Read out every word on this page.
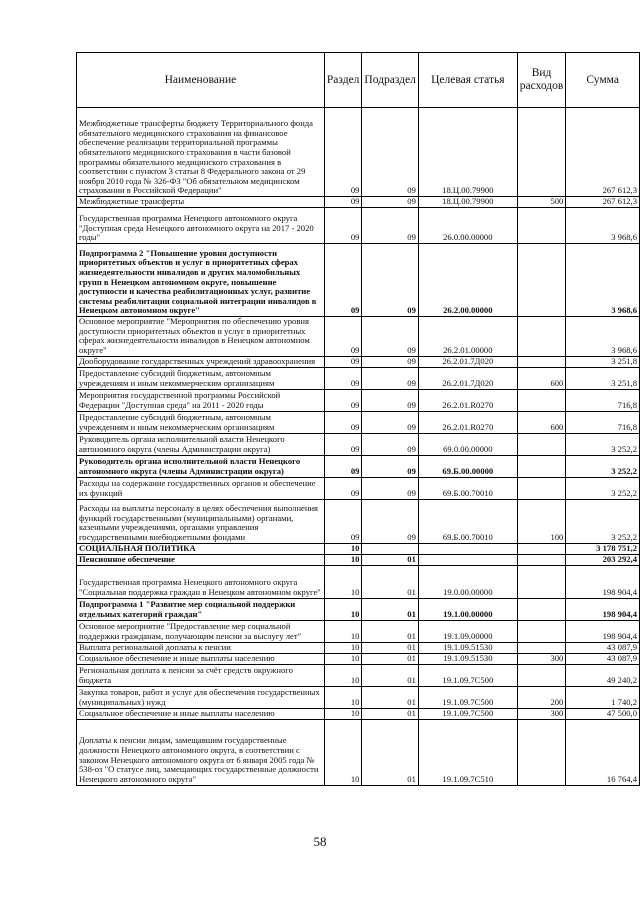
Наименование	Раздел	Подраздел	Целевая статья	Вид расходов	Сумма
Межбюджетные трансферты бюджету Территориального фонда обязательного медицинского страхования на финансовое обеспечение реализации территориальной программы обязательного медицинского страхования в части базовой программы обязательного медицинского страхования в соответствии с пунктом 3 статьи 8 Федерального закона от 29 ноября 2010 года № 326-ФЗ "Об обязательном медицинском страховании в Российской Федерации"	09	09	18.Ц.00.79900		267 612,3
Межбюджетные трансферты	09	09	18.Ц.00.79900	500	267 612,3
Государственная программа Ненецкого автономного округа "Доступная среда Ненецкого автономного округа на 2017 - 2020 годы"	09	09	26.0.00.00000		3 968,6
Подпрограмма 2 "Повышение уровня доступности приоритетных объектов и услуг в приоритетных сферах жизнедеятельности инвалидов и других маломобильных групп в Ненецком автономном округе, повышение доступности и качества реабилитационных услуг, развитие системы реабилитации социальной интеграции инвалидов в Ненецком автономном округе"	09	09	26.2.00.00000		3 968,6
Основное мероприятие "Мероприятия по обеспечению уровня доступности приоритетных объектов и услуг в приоритетных сферах жизнедеятельности инвалидов в Ненецком автономном округе"	09	09	26.2.01.00000		3 968,6
Дооборудование государственных учреждений здравоохранения	09	09	26.2.01.7Д020		3 251,8
Предоставление субсидий бюджетным, автономным учреждениям и иным некоммерческим организациям	09	09	26.2.01.7Д020	600	3 251,8
Мероприятия государственной программы Российской Федерации "Доступная среда" на 2011 - 2020 годы	09	09	26.2.01.R0270		716,8
Предоставление субсидий бюджетным, автономным учреждениям и иным некоммерческим организациям	09	09	26.2.01.R0270	600	716,8
Руководитель органа исполнительной власти Ненецкого автономного округа (члены Администрации округа)	09	09	69.0.00.00000		3 252,2
Руководитель органа исполнительной власти Ненецкого автономного округа (члены Администрации округа)	09	09	69.Б.00.00000		3 252,2
Расходы на содержание государственных органов и обеспечение их функций	09	09	69.Б.00.70010		3 252,2
Расходы на выплаты персоналу в целях обеспечения выполнения функций государственными (муниципальными) органами, казенными учреждениями, органами управления государственными внебюджетными фондами	09	09	69.Б.00.70010	100	3 252,2
СОЦИАЛЬНАЯ ПОЛИТИКА	10				3 178 751,2
Пенсионное обеспечение	10	01			203 292,4
Государственная программа Ненецкого автономного округа "Социальная поддержка граждан в Ненецком автономном округе"	10	01	19.0.00.00000		198 904,4
Подпрограмма 1 "Развитие мер социальной поддержки отдельных категорий граждан"	10	01	19.1.00.00000		198 904,4
Основное мероприятие "Предоставление мер социальной поддержки гражданам, получающим пенсии за выслугу лет"	10	01	19.1.09.00000		198 904,4
Выплата региональной доплаты к пенсии	10	01	19.1.09.51530		43 087,9
Социальное обеспечение и иные выплаты населению	10	01	19.1.09.51530	300	43 087,9
Региональная доплата к пенсии за счёт средств окружного бюджета	10	01	19.1.09.7C500		49 240,2
Закупка товаров, работ и услуг для обеспечения государственных (муниципальных) нужд	10	01	19.1.09.7C500	200	1 740,2
Социальное обеспечение и иные выплаты населению	10	01	19.1.09.7C500	300	47 500,0
Доплаты к пенсии лицам, замещавшим государственные должности Ненецкого автономного округа, в соответствии с законом Ненецкого автономного округа от 6 января 2005 года № 538-оз "О статусе лиц, замещающих государственные должности Ненецкого автономного округа"	10	01	19.1.09.7C510		16 764,4
58
